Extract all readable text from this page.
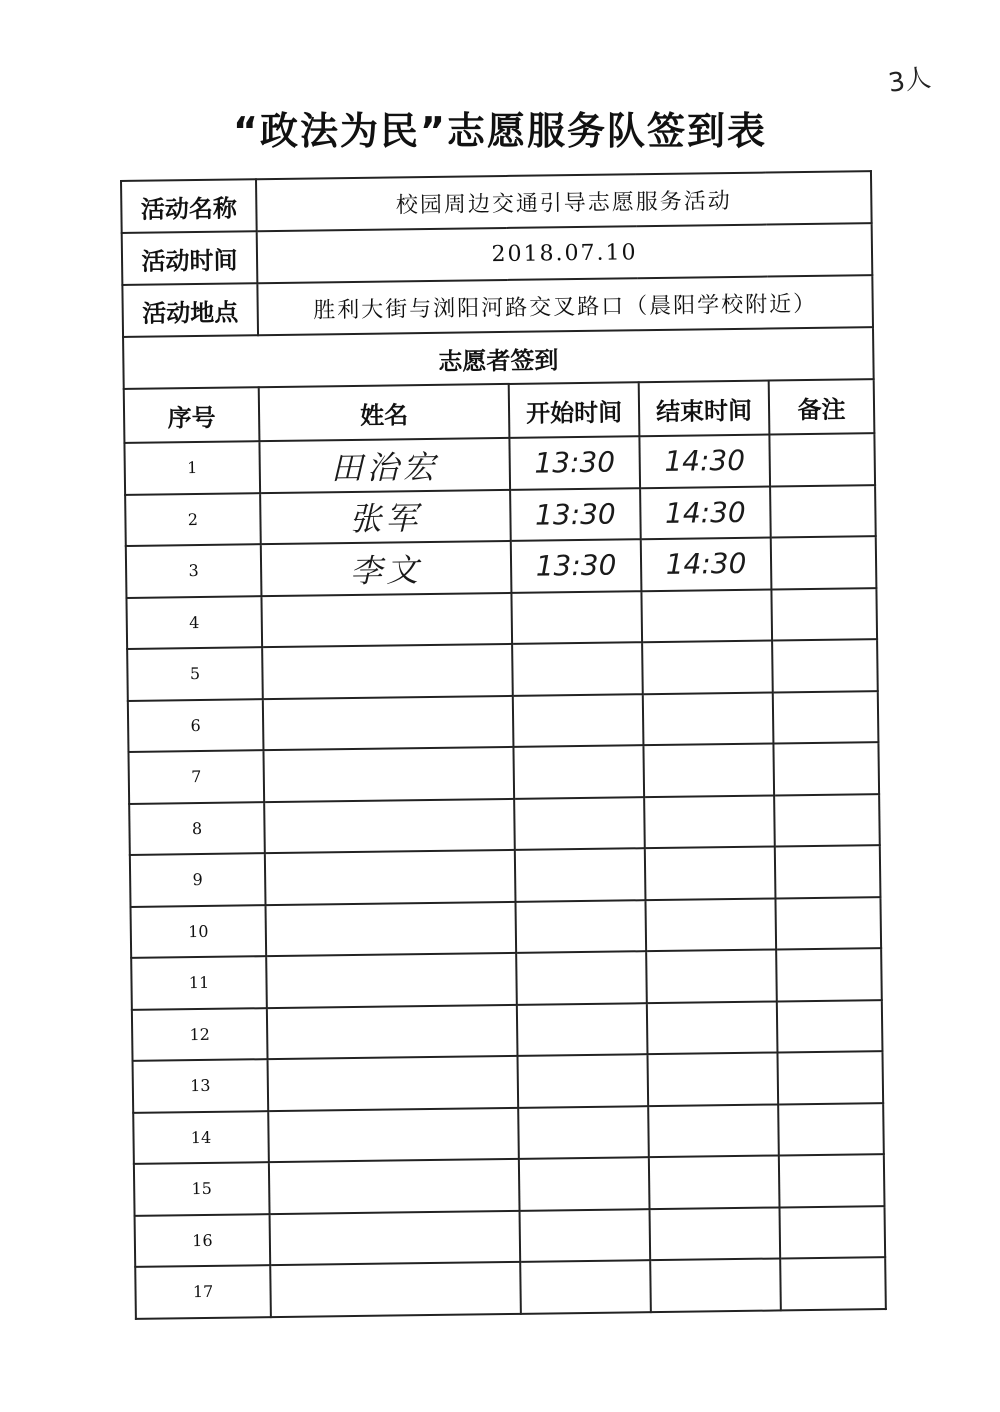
3人
“政法为民”志愿服务队签到表
活动名称	校园周边交通引导志愿服务活动			
活动时间	2018.07.10			
活动地点	胜利大街与浏阳河路交叉路口（晨阳学校附近）			
志愿者签到				
序号	姓名	开始时间	结束时间	备注
1	田治宏	13:30	14:30	
2	张军	13:30	14:30	
3	李文	13:30	14:30	
4				
5				
6				
7				
8				
9				
10				
11				
12				
13				
14				
15				
16				
17				
